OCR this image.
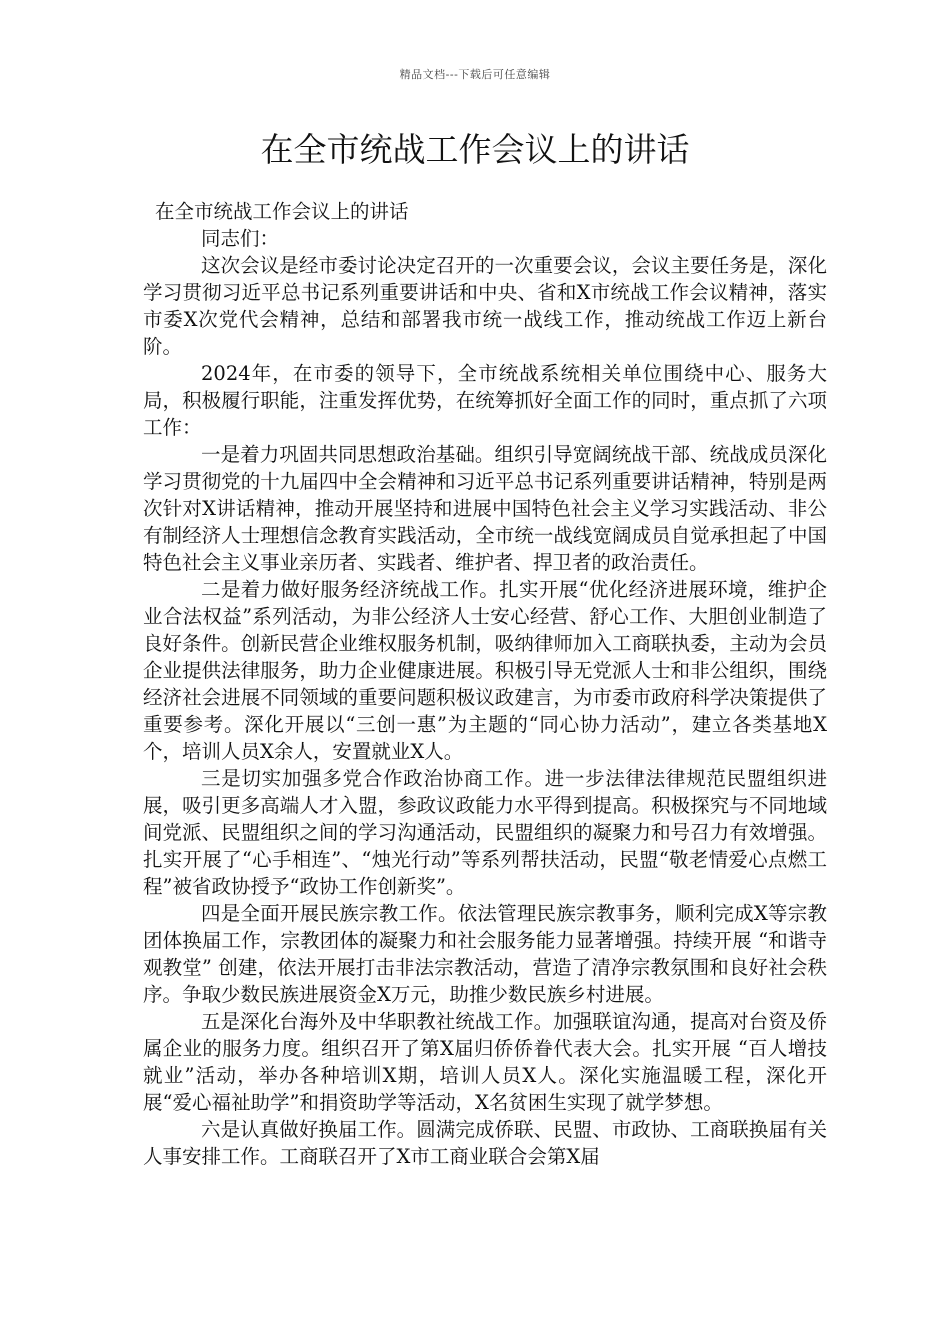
精品文档---下载后可任意编辑
在全市统战工作会议上的讲话

在全市统战工作会议上的讲话

同志们：

这次会议是经市委讨论决定召开的一次重要会议，会议主要任务是，深化学习贯彻习近平总书记系列重要讲话和中央、省和X市统战工作会议精神，落实市委X次党代会精神，总结和部署我市统一战线工作，推动统战工作迈上新台阶。

2024年，在市委的领导下，全市统战系统相关单位围绕中心、服务大局，积极履行职能，注重发挥优势，在统筹抓好全面工作的同时，重点抓了六项工作：

一是着力巩固共同思想政治基础。组织引导宽阔统战干部、统战成员深化学习贯彻党的十九届四中全会精神和习近平总书记系列重要讲话精神，特别是两次针对X讲话精神，推动开展坚持和进展中国特色社会主义学习实践活动、非公有制经济人士理想信念教育实践活动，全市统一战线宽阔成员自觉承担起了中国特色社会主义事业亲历者、实践者、维护者、捍卫者的政治责任。

二是着力做好服务经济统战工作。扎实开展“优化经济进展环境，维护企业合法权益”系列活动，为非公经济人士安心经营、舒心工作、大胆创业制造了良好条件。创新民营企业维权服务机制，吸纳律师加入工商联执委，主动为会员企业提供法律服务，助力企业健康进展。积极引导无党派人士和非公组织，围绕经济社会进展不同领域的重要问题积极议政建言，为市委市政府科学决策提供了重要参考。深化开展以“三创一惠”为主题的“同心协力活动”，建立各类基地X个，培训人员X余人，安置就业X人。

三是切实加强多党合作政治协商工作。进一步法律法律规范民盟组织进展，吸引更多高端人才入盟，参政议政能力水平得到提高。积极探究与不同地域间党派、民盟组织之间的学习沟通活动，民盟组织的凝聚力和号召力有效增强。扎实开展了“心手相连”、“烛光行动”等系列帮扶活动，民盟“敬老情爱心点燃工程”被省政协授予“政协工作创新奖”。

四是全面开展民族宗教工作。依法管理民族宗教事务，顺利完成X等宗教团体换届工作，宗教团体的凝聚力和社会服务能力显著增强。持续开展 “和谐寺观教堂” 创建，依法开展打击非法宗教活动，营造了清净宗教氛围和良好社会秩序。争取少数民族进展资金X万元，助推少数民族乡村进展。

五是深化台海外及中华职教社统战工作。加强联谊沟通，提高对台资及侨属企业的服务力度。组织召开了第X届归侨侨眷代表大会。扎实开展 “百人增技就业”活动，举办各种培训X期，培训人员X人。深化实施温暖工程，深化开展“爱心福祉助学”和捐资助学等活动，X名贫困生实现了就学梦想。

六是认真做好换届工作。圆满完成侨联、民盟、市政协、工商联换届有关人事安排工作。工商联召开了X市工商业联合会第X届
